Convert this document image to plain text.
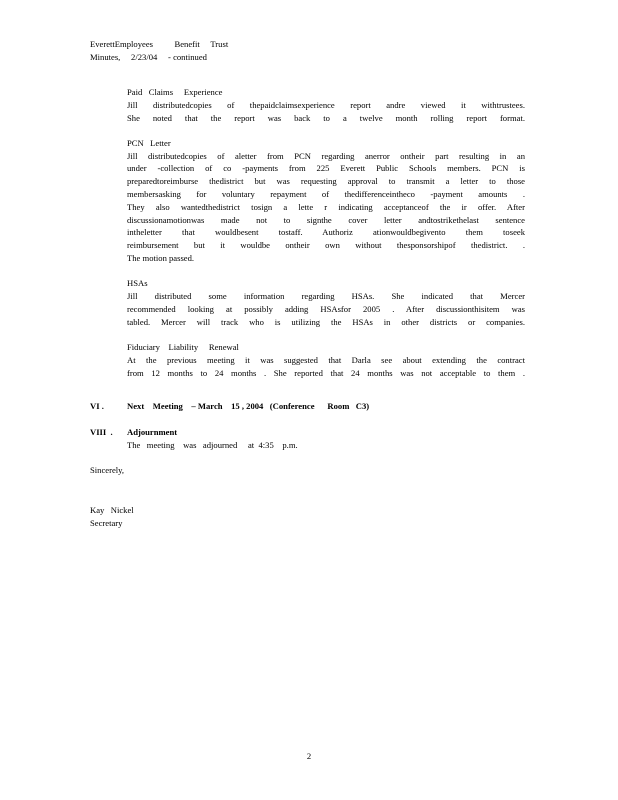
EverettEmployees          Benefit     Trust
Minutes,     2/23/04     - continued
Paid   Claims     Experience
Jill distributedcopies of thepaidclaimsexperience report andre viewed it withtrustees.
She noted that the report was back to a twelve month rolling report format.
PCN   Letter
Jill distributedcopies of aletter from PCN regarding anerror ontheir part resulting in an
under -collection of co -payments from 225 Everett Public Schools members. PCN is
preparedtoreimburse thedistrict but was requesting approval to transmit a letter to those
membersasking for voluntary repayment of thedifferenceintheco -payment amounts .
They also wantedthedistrict tosign a lette r indicating acceptanceof the ir offer. After
discussionamotionwas made not to signthe cover letter andtostrikethelast sentence
intheletter that wouldbesent tostaff. Authoriz ationwouldbegivento them toseek
reimbursement but it wouldbe ontheir own without thesponsorshipof thedistrict. .
The motion passed.
HSAs
Jill distributed some information regarding HSAs. She indicated that Mercer
recommended looking at possibly adding HSAsfor 2005 . After discussionthisitem was
tabled. Mercer will track who is utilizing the HSAs in other districts or companies.
Fiduciary    Liability     Renewal
At the previous meeting it was suggested that Darla see about extending the contract
from 12 months to 24 months . She reported that 24 months was not acceptable to them .
VI .	Next    Meeting    – March    15 , 2004   (Conference      Room   C3)
VIII  . Adjournment
The   meeting    was   adjourned     at  4:35    p.m.
Sincerely,
Kay   Nickel
Secretary
2
